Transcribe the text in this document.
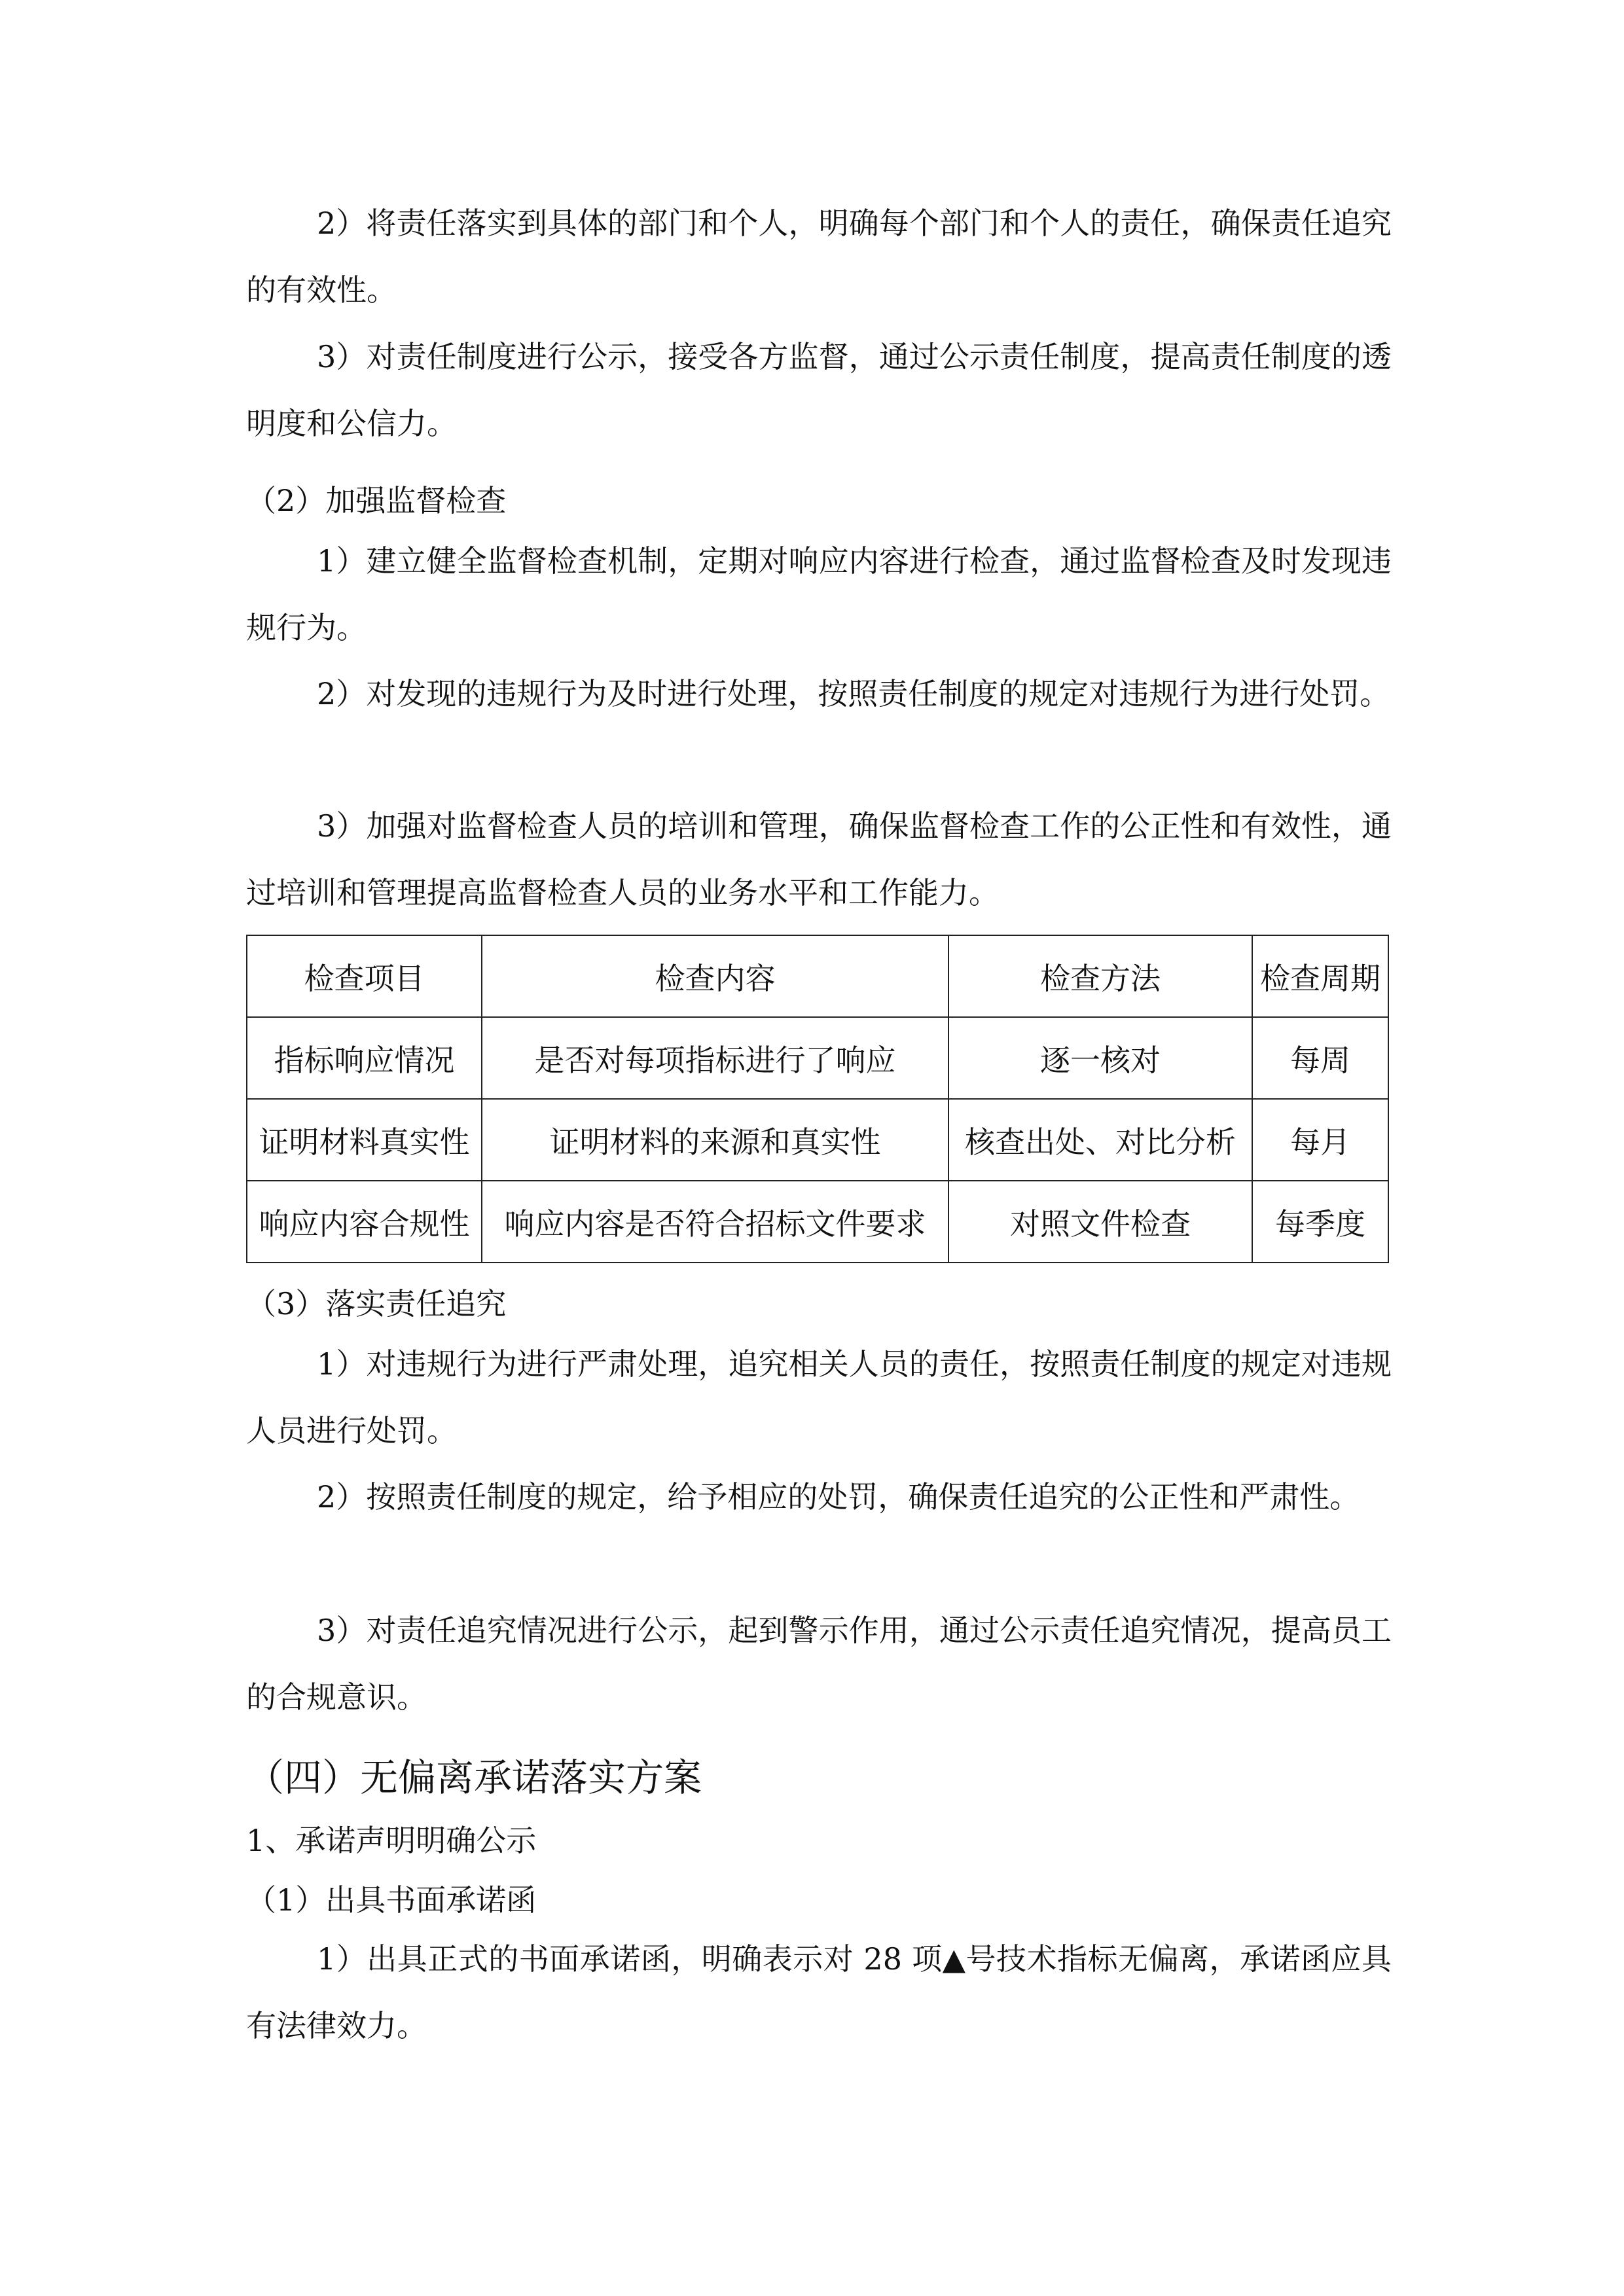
2）将责任落实到具体的部门和个人，明确每个部门和个人的责任，确保责任追究的有效性。
3）对责任制度进行公示，接受各方监督，通过公示责任制度，提高责任制度的透明度和公信力。
（2）加强监督检查
1）建立健全监督检查机制，定期对响应内容进行检查，通过监督检查及时发现违规行为。
2）对发现的违规行为及时进行处理，按照责任制度的规定对违规行为进行处罚。
3）加强对监督检查人员的培训和管理，确保监督检查工作的公正性和有效性，通过培训和管理提高监督检查人员的业务水平和工作能力。
检查项目	检查内容	检查方法	检查周期
指标响应情况	是否对每项指标进行了响应	逐一核对	每周
证明材料真实性	证明材料的来源和真实性	核查出处、对比分析	每月
响应内容合规性	响应内容是否符合招标文件要求	对照文件检查	每季度
（3）落实责任追究
1）对违规行为进行严肃处理，追究相关人员的责任，按照责任制度的规定对违规人员进行处罚。
2）按照责任制度的规定，给予相应的处罚，确保责任追究的公正性和严肃性。
3）对责任追究情况进行公示，起到警示作用，通过公示责任追究情况，提高员工的合规意识。
（四）无偏离承诺落实方案
1、承诺声明明确公示
（1）出具书面承诺函
1）出具正式的书面承诺函，明确表示对 28 项▲号技术指标无偏离，承诺函应具有法律效力。
